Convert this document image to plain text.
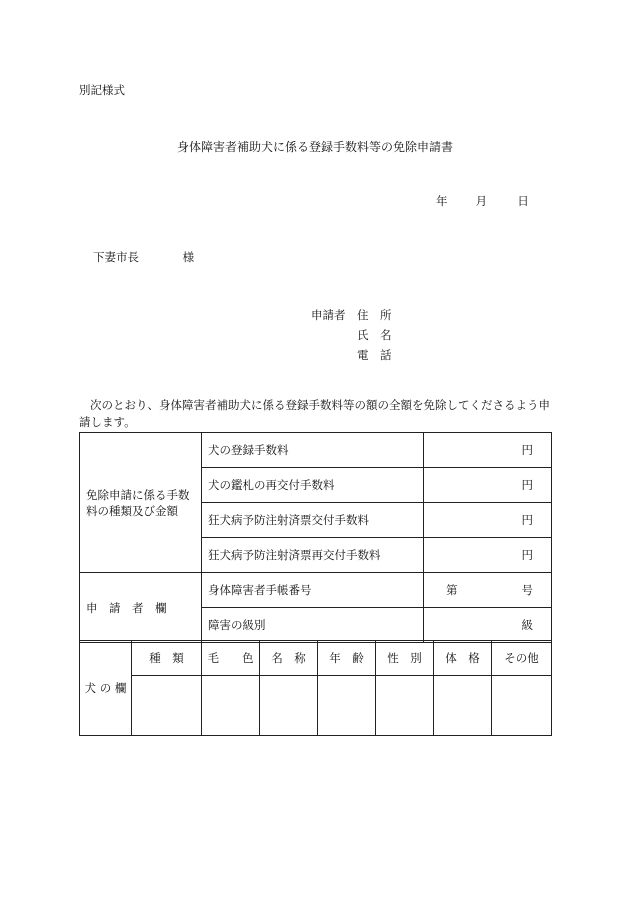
別記様式
身体障害者補助犬に係る登録手数料等の免除申請書
年 月	日
下妻市長	様
申請者	住　所
氏　名
電　話
次のとおり、身体障害者補助犬に係る登録手数料等の額の全額を免除してくださるよう申請します。
免除申請に係る手数料の種類及び金額	犬の登録手数料	円
	犬の鑑札の再交付手数料	円
	狂犬病予防注射済票交付手数料	円
	狂犬病予防注射済票再交付手数料	円
申　請　者　欄	身体障害者手帳番号	第 号

	障害の級別	級
犬 の 欄	種　類	毛　　色	名　称	年　齢	性　別	体　格	その他
